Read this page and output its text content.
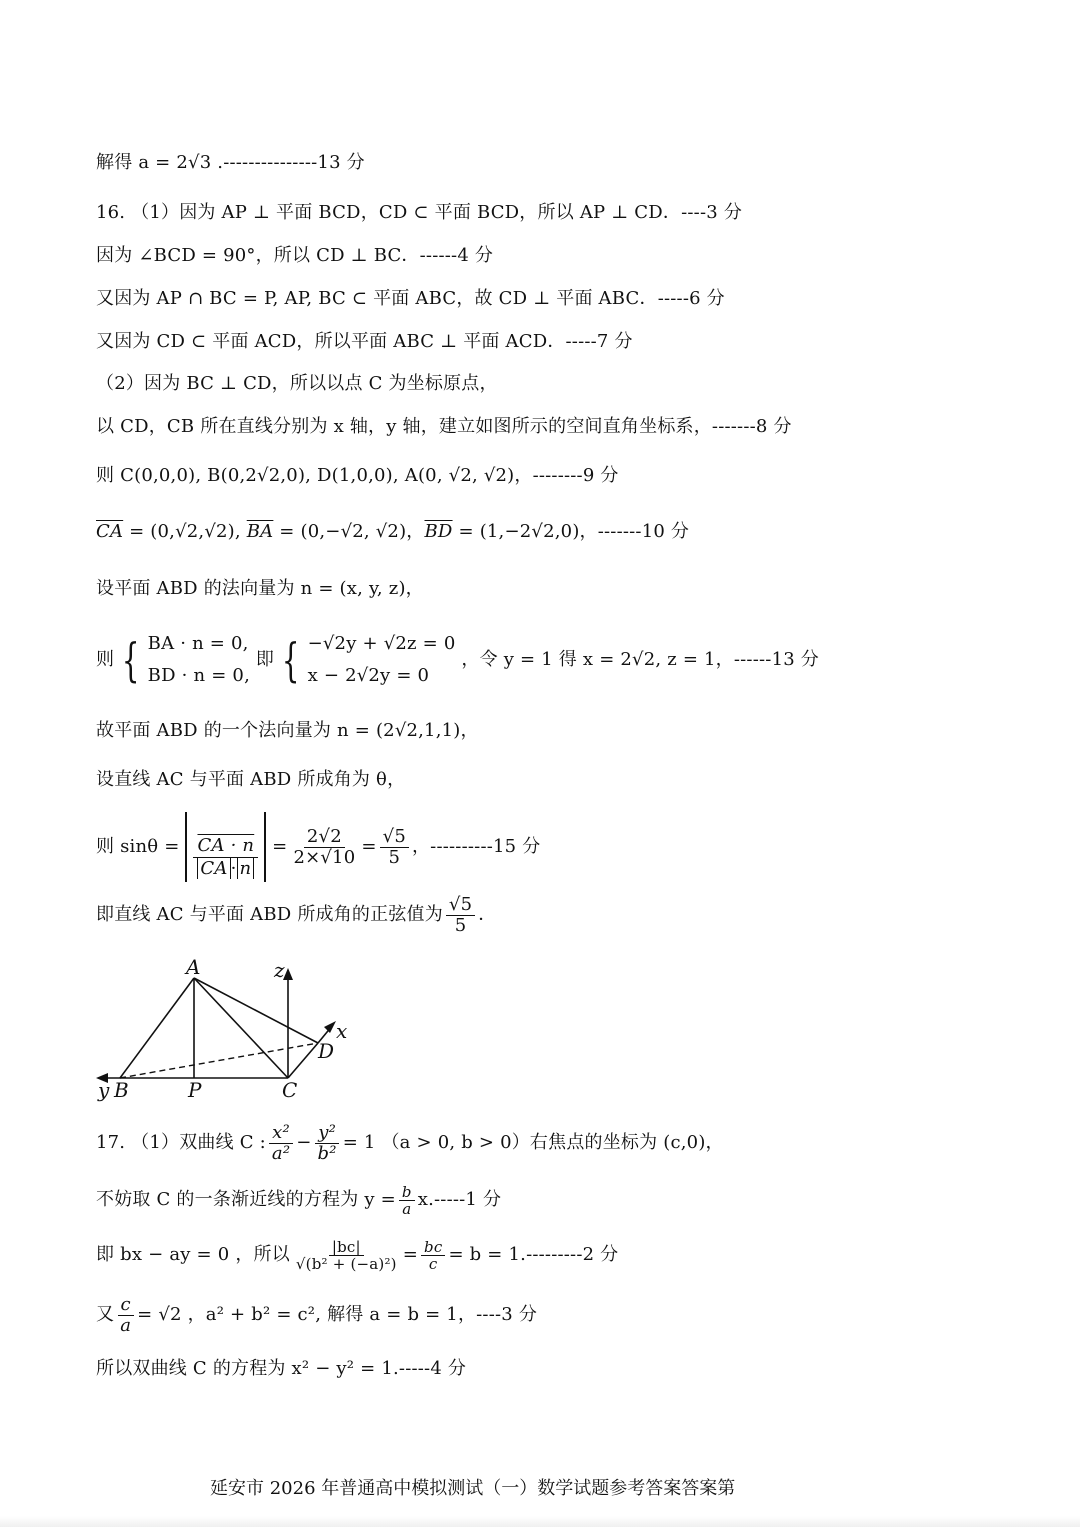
解得 a = 2√3 .---------------13 分
16. （1）因为 AP ⊥ 平面 BCD，CD ⊂ 平面 BCD，所以 AP ⊥ CD．----3 分
因为 ∠BCD = 90°，所以 CD ⊥ BC．------4 分
又因为 AP ∩ BC = P, AP, BC ⊂ 平面 ABC，故 CD ⊥ 平面 ABC．-----6 分
又因为 CD ⊂ 平面 ACD，所以平面 ABC ⊥ 平面 ACD．-----7 分
（2）因为 BC ⊥ CD，所以以点 C 为坐标原点，
以 CD，CB 所在直线分别为 x 轴，y 轴，建立如图所示的空间直角坐标系，-------8 分
则 C(0,0,0), B(0,2√2,0), D(1,0,0), A(0, √2, √2)，--------9 分
$\overline{CA} = (0,√2,√2)$, $\overline{BA} = (0,-√2$, √2)，$\overline{BD} = (1,-2√2,0)$，-------10 分
设平面 ABD 的法向量为 n = (x, y, z)，
则 { BA · n = 0,
BD · n = 0,
即 { −√2y + √2z = 0
x − 2√2y = 0
，令 y = 1 得 x = 2√2, z = 1，------13 分
故平面 ABD 的一个法向量为 n = (2√2,1,1)，
设直线 AC 与平面 ABD 所成角为 θ，
则 $\sin\theta = \frac{CA \cdot n}{\overline{CA} \cdot \overline{n}} = \frac{2√2}{2\times√10} = \frac{√5}{5}$ ，----------15 分
即直线 AC 与平面 ABD 所成角的正弦值为 $\frac{√5}{5}$ ．
A
B
y	P	C
D
x
z
17. （1）双曲线 C : $\frac{\text{x²}}{\text{a²}} - \frac{\text{y²}}{\text{b²}} = 1$ （a > 0, b > 0）右焦点的坐标为 (c,0)，
不妨取 C 的一条渐近线的方程为 $y = \frac{b}{a} x.-----1$ 分
即 bx − ay = 0 ，所以 $\frac{|bc|}{\text{√(b² + (−a)²)}} = \frac{bc}{c} = b = 1.---------2$ 分
又 $\frac{c}{a} = √2$ ，a² + b² = c², 解得 a = b = 1，----3 分
所以双曲线 C 的方程为 x² − y² = 1.-----4 分
延安市 2026 年普通高中模拟测试（一）数学试题参考答案答案第
